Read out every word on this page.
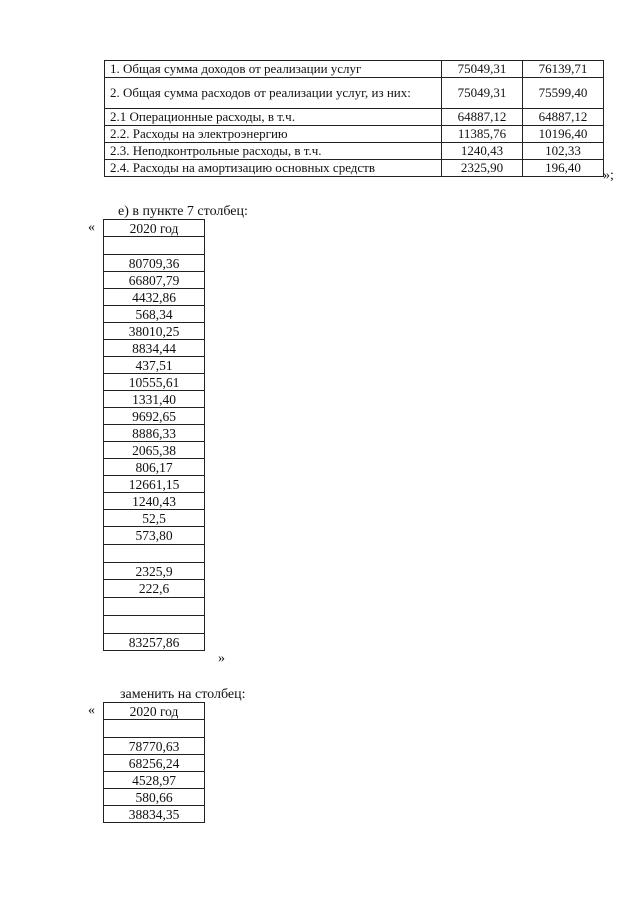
1. Общая сумма доходов от реализации услуг	75049,31	76139,71
2. Общая сумма расходов от реализации услуг, из них:	75049,31	75599,40
2.1 Операционные расходы, в т.ч.	64887,12	64887,12
2.2. Расходы на электроэнергию	11385,76	10196,40
2.3. Неподконтрольные расходы, в т.ч.	1240,43	102,33
2.4. Расходы на амортизацию основных средств	2325,90	196,40
»;
е) в пункте 7 столбец:
«	2020 год

80709,36
66807,79
4432,86
568,34
38010,25
8834,44
437,51
10555,61
1331,40
9692,65
8886,33
2065,38
806,17
12661,15
1240,43
52,5
573,80

2325,9
222,6

83257,86
»
заменить на столбец:
«	2020 год

78770,63
68256,24
4528,97
580,66
38834,35
